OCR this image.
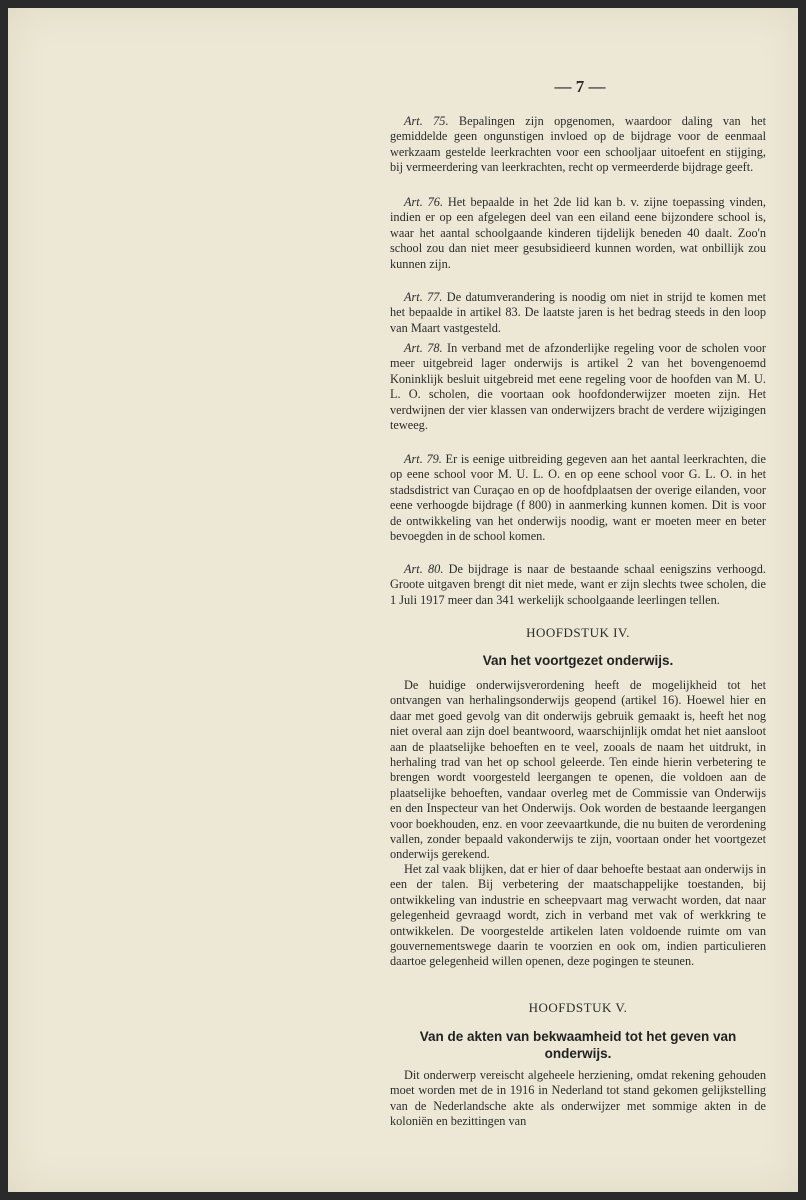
— 7 —

Art. 75. Bepalingen zijn opgenomen, waardoor daling van het gemiddelde geen ongunstigen invloed op de bijdrage voor de eenmaal werkzaam gestelde leerkrachten voor een schooljaar uitoefent en stijging, bij vermeerdering van leerkrachten, recht op vermeerderde bijdrage geeft.

Art. 76. Het bepaalde in het 2de lid kan b. v. zijne toepassing vinden, indien er op een afgelegen deel van een eiland eene bijzondere school is, waar het aantal schoolgaande kinderen tijdelijk beneden 40 daalt. Zoo'n school zou dan niet meer gesubsidieerd kunnen worden, wat onbillijk zou kunnen zijn.

Art. 77. De datumverandering is noodig om niet in strijd te komen met het bepaalde in artikel 83. De laatste jaren is het bedrag steeds in den loop van Maart vastgesteld.

Art. 78. In verband met de afzonderlijke regeling voor de scholen voor meer uitgebreid lager onderwijs is artikel 2 van het bovengenoemd Koninklijk besluit uitgebreid met eene regeling voor de hoofden van M. U. L. O. scholen, die voortaan ook hoofdonderwijzer moeten zijn. Het verdwijnen der vier klassen van onderwijzers bracht de verdere wijzigingen teweeg.

Art. 79. Er is eenige uitbreiding gegeven aan het aantal leerkrachten, die op eene school voor M. U. L. O. en op eene school voor G. L. O. in het stadsdistrict van Curaçao en op de hoofdplaatsen der overige eilanden, voor eene verhoogde bijdrage (f 800) in aanmerking kunnen komen. Dit is voor de ontwikkeling van het onderwijs noodig, want er moeten meer en beter bevoegden in de school komen.

Art. 80. De bijdrage is naar de bestaande schaal eenigszins verhoogd. Groote uitgaven brengt dit niet mede, want er zijn slechts twee scholen, die 1 Juli 1917 meer dan 341 werkelijk schoolgaande leerlingen tellen.

HOOFDSTUK IV.
Van het voortgezet onderwijs.

De huidige onderwijsverordening heeft de mogelijkheid tot het ontvangen van herhalingsonderwijs geopend (artikel 16). Hoewel hier en daar met goed gevolg van dit onderwijs gebruik gemaakt is, heeft het nog niet overal aan zijn doel beantwoord, waarschijnlijk omdat het niet aansloot aan de plaatselijke behoeften en te veel, zooals de naam het uitdrukt, in herhaling trad van het op school geleerde. Ten einde hierin verbetering te brengen wordt voorgesteld leergangen te openen, die voldoen aan de plaatselijke behoeften, vandaar overleg met de Commissie van Onderwijs en den Inspecteur van het Onderwijs. Ook worden de bestaande leergangen voor boekhouden, enz. en voor zeevaartkunde, die nu buiten de verordening vallen, zonder bepaald vakonderwijs te zijn, voortaan onder het voortgezet onderwijs gerekend.

Het zal vaak blijken, dat er hier of daar behoefte bestaat aan onderwijs in een der talen. Bij verbetering der maatschappelijke toestanden, bij ontwikkeling van industrie en scheepvaart mag verwacht worden, dat naar gelegenheid gevraagd wordt, zich in verband met vak of werkkring te ontwikkelen. De voorgestelde artikelen laten voldoende ruimte om van gouvernementswege daarin te voorzien en ook om, indien particulieren daartoe gelegenheid willen openen, deze pogingen te steunen.

HOOFDSTUK V.
Van de akten van bekwaamheid tot het geven van onderwijs.

Dit onderwerp vereischt algeheele herziening, omdat rekening gehouden moet worden met de in 1916 in Nederland tot stand gekomen gelijkstelling van de Nederlandsche akte als onderwijzer met sommige akten in de koloniën en bezittingen van
